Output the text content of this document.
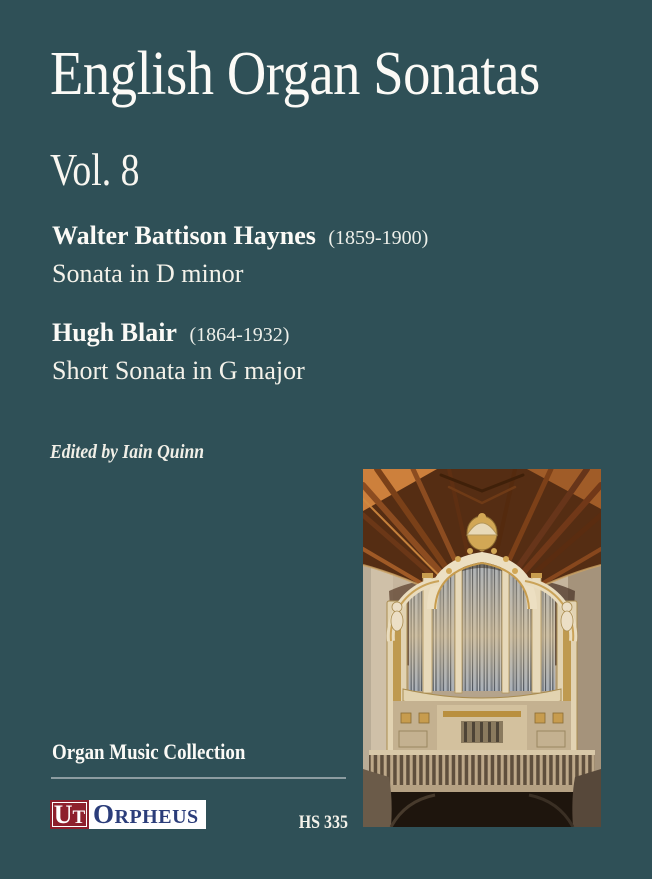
English Organ Sonatas
Vol. 8
Walter Battison Haynes (1859-1900)
Sonata in D minor
Hugh Blair (1864-1932)
Short Sonata in G major
Edited by Iain Quinn
Organ Music Collection
UT ORPHEUS	HS 335
